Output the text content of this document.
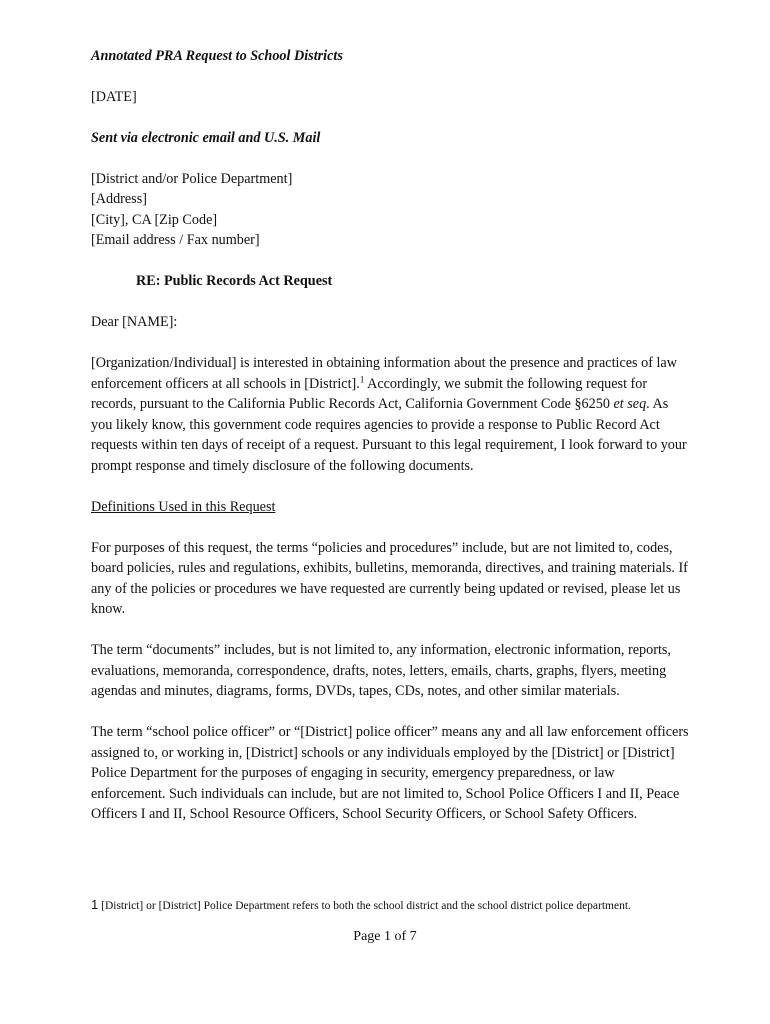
Annotated PRA Request to School Districts
[DATE]
Sent via electronic email and U.S. Mail
[District and/or Police Department]
[Address]
[City], CA [Zip Code]
[Email address / Fax number]
RE: Public Records Act Request
Dear [NAME]:

[Organization/Individual] is interested in obtaining information about the presence and practices of law enforcement officers at all schools in [District].$^1$ Accordingly, we submit the following request for records, pursuant to the California Public Records Act, California Government Code §6250 et seq. As you likely know, this government code requires agencies to provide a response to Public Record Act requests within ten days of receipt of a request. Pursuant to this legal requirement, I look forward to your prompt response and timely disclosure of the following documents.

Definitions Used in this Request

For purposes of this request, the terms “policies and procedures” include, but are not limited to, codes, board policies, rules and regulations, exhibits, bulletins, memoranda, directives, and training materials. If any of the policies or procedures we have requested are currently being updated or revised, please let us know.

The term “documents” includes, but is not limited to, any information, electronic information, reports, evaluations, memoranda, correspondence, drafts, notes, letters, emails, charts, graphs, flyers, meeting agendas and minutes, diagrams, forms, DVDs, tapes, CDs, notes, and other similar materials.

The term “school police officer” or “[District] police officer” means any and all law enforcement officers assigned to, or working in, [District] schools or any individuals employed by the [District] or [District] Police Department for the purposes of engaging in security, emergency preparedness, or law enforcement. Such individuals can include, but are not limited to, School Police Officers I and II, Peace Officers I and II, School Resource Officers, School Security Officers, or School Safety Officers.

1 [District] or [District] Police Department refers to both the school district and the school district police department.
Page 1 of 7
